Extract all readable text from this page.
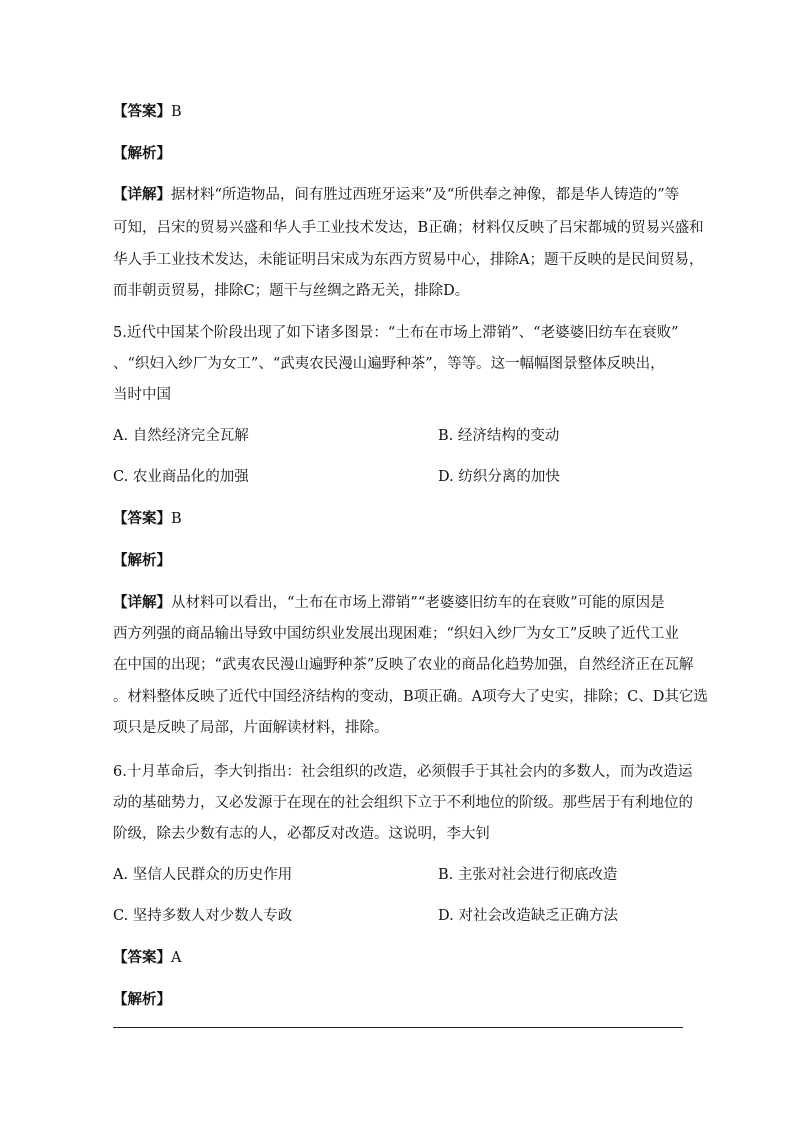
【答案】B
【解析】
【详解】据材料“所造物品，间有胜过西班牙运来”及“所供奉之神像，都是华人铸造的”等
可知，吕宋的贸易兴盛和华人手工业技术发达，B正确；材料仅反映了吕宋都城的贸易兴盛和
华人手工业技术发达，未能证明吕宋成为东西方贸易中心，排除A；题干反映的是民间贸易，
而非朝贡贸易，排除C；题干与丝绸之路无关，排除D。
5.近代中国某个阶段出现了如下诸多图景：“土布在市场上滞销”、“老婆婆旧纺车在衰败”
、“织妇入纱厂为女工”、“武夷农民漫山遍野种茶”，等等。这一幅幅图景整体反映出，
当时中国
A. 自然经济完全瓦解	B. 经济结构的变动
C. 农业商品化的加强	D. 纺织分离的加快
【答案】B
【解析】
【详解】从材料可以看出，“土布在市场上滞销”“老婆婆旧纺车的在衰败”可能的原因是
西方列强的商品输出导致中国纺织业发展出现困难；“织妇入纱厂为女工”反映了近代工业
在中国的出现；“武夷农民漫山遍野种茶”反映了农业的商品化趋势加强，自然经济正在瓦解
。材料整体反映了近代中国经济结构的变动，B项正确。A项夸大了史实，排除；C、D其它选
项只是反映了局部，片面解读材料，排除。
6.十月革命后，李大钊指出：社会组织的改造，必须假手于其社会内的多数人，而为改造运
动的基础势力，又必发源于在现在的社会组织下立于不利地位的阶级。那些居于有利地位的
阶级，除去少数有志的人，必都反对改造。这说明，李大钊
A. 坚信人民群众的历史作用	B. 主张对社会进行彻底改造
C. 坚持多数人对少数人专政	D. 对社会改造缺乏正确方法
【答案】A
【解析】
